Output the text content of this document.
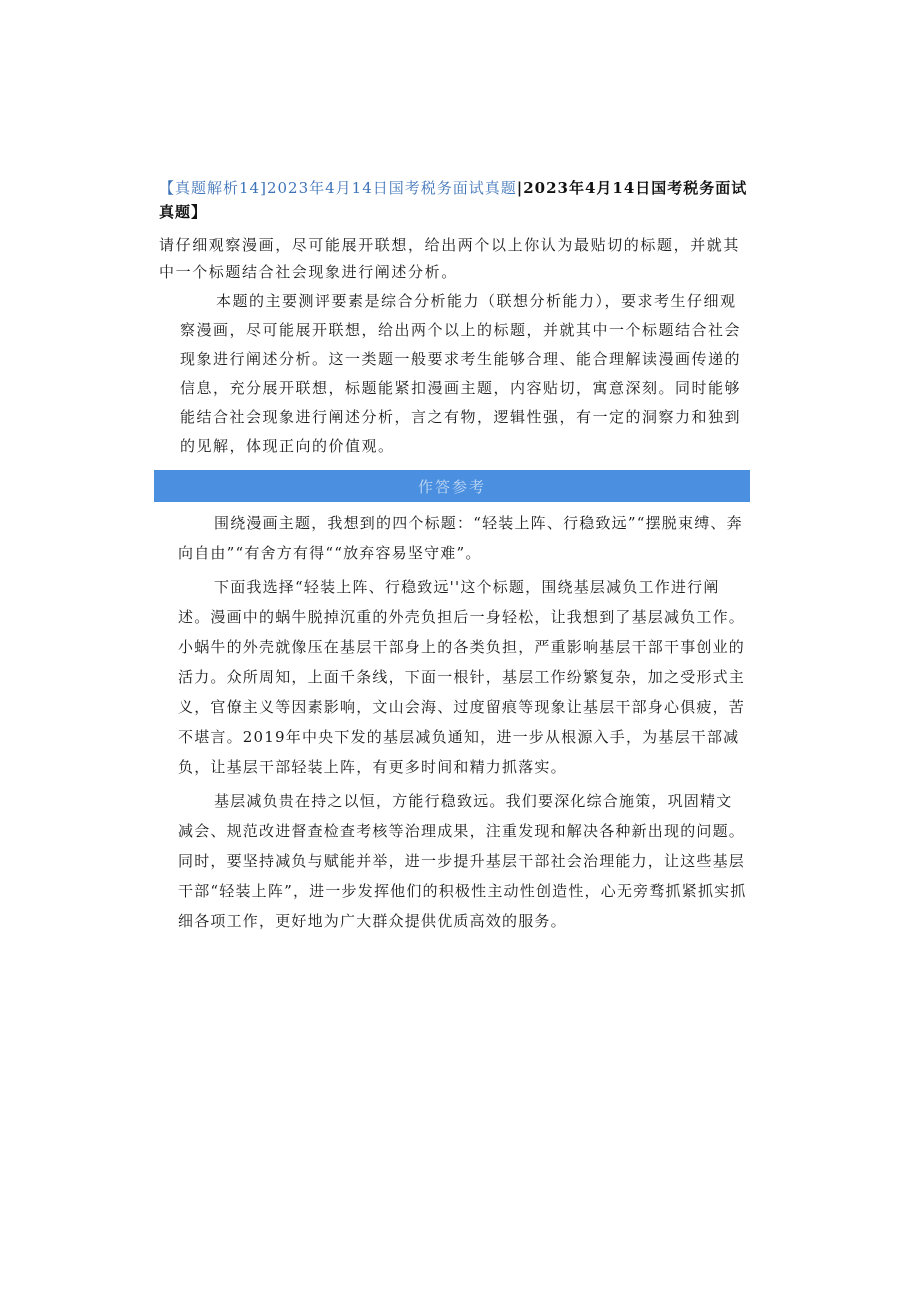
【真题解析14]2023年4月14日国考税务面试真题|2023年4月14日国考税务面试真题】
请仔细观察漫画，尽可能展开联想，给出两个以上你认为最贴切的标题，并就其中一个标题结合社会现象进行阐述分析。
本题的主要测评要素是综合分析能力（联想分析能力），要求考生仔细观察漫画，尽可能展开联想，给出两个以上的标题，并就其中一个标题结合社会现象进行阐述分析。这一类题一般要求考生能够合理、能合理解读漫画传递的信息，充分展开联想，标题能紧扣漫画主题，内容贴切，寓意深刻。同时能够能结合社会现象进行阐述分析，言之有物，逻辑性强，有一定的洞察力和独到的见解，体现正向的价值观。
作答参考

围绕漫画主题，我想到的四个标题：“轻装上阵、行稳致远”“摆脱束缚、奔向自由”“有舍方有得““放弃容易坚守难”。

下面我选择“轻装上阵、行稳致远''这个标题，围绕基层减负工作进行阐述。漫画中的蜗牛脱掉沉重的外壳负担后一身轻松，让我想到了基层减负工作。小蜗牛的外壳就像压在基层干部身上的各类负担，严重影响基层干部干事创业的活力。众所周知，上面千条线，下面一根针，基层工作纷繁复杂，加之受形式主义，官僚主义等因素影响，文山会海、过度留痕等现象让基层干部身心俱疲，苦不堪言。2019年中央下发的基层减负通知，进一步从根源入手，为基层干部减负，让基层干部轻装上阵，有更多时间和精力抓落实。

基层减负贵在持之以恒，方能行稳致远。我们要深化综合施策，巩固精文减会、规范改进督查检查考核等治理成果，注重发现和解决各种新出现的问题。同时，要坚持减负与赋能并举，进一步提升基层干部社会治理能力，让这些基层干部“轻装上阵”，进一步发挥他们的积极性主动性创造性，心无旁骛抓紧抓实抓细各项工作，更好地为广大群众提供优质高效的服务。
